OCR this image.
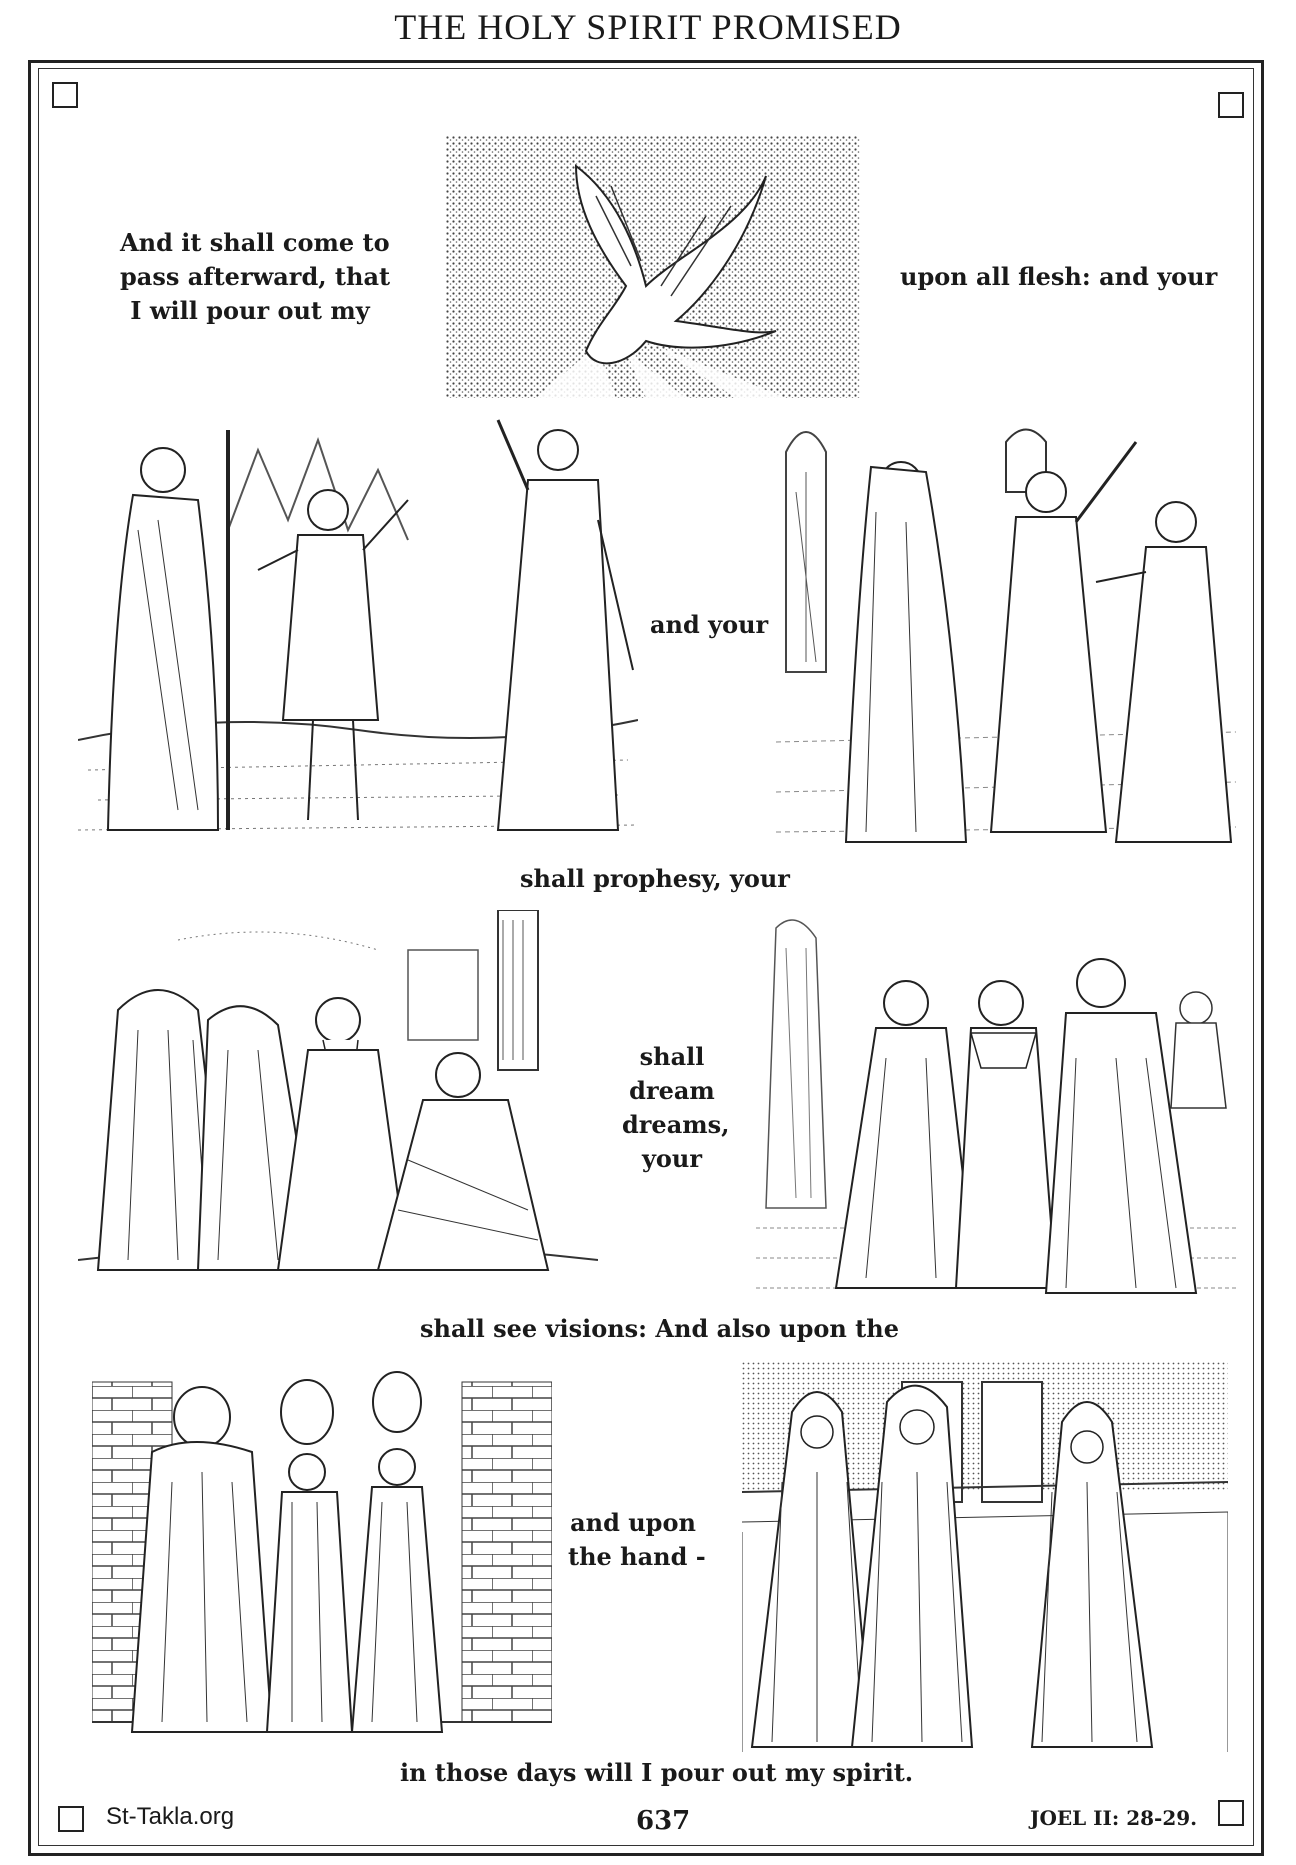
THE HOLY SPIRIT PROMISED
And it shall come to
pass afterward, that
I will pour out my
upon all flesh: and your
and your
shall prophesy, your
shall
dream
dreams,
your
shall see visions: And also upon the
and upon
the hand -
in those days will I pour out my spirit.
St-Takla.org	637	JOEL II: 28-29.
